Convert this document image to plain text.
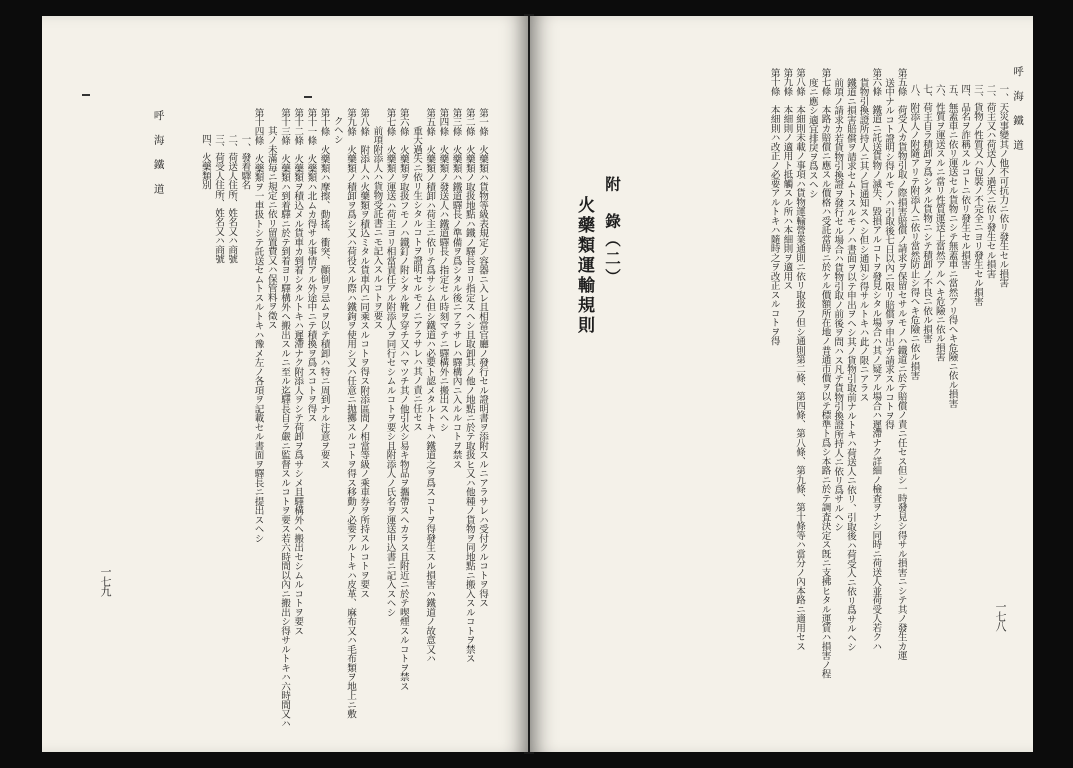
一七九	第一條　火藥類ハ貨物等級表規定ノ容器ニ入レ且相當官廳ノ發行セル證明書ヲ添附スルニアラサレハ受付クルコトヲ得ス
第二條　火藥類ノ取扱地點ハ鐵ノ驛長ヨリ指定スヘシ且取卸其ノ他ノ地點ニ於テ取扱ヒ又ハ他種ノ貨物ヲ同地點ニ搬入スルコトヲ禁ス
第三條　火藥類ハ鐵道驛長ノ準備ヲ爲シタル後ニアラサレハ驛構內ニ入ルルコトヲ禁ス
第四條　火藥類ノ發送人ハ鐵道驛長ノ指定セル時刻マテニ驛構外ニ搬出スヘシ
第五條　火藥類ノ積卸ハ荷主ニ依リテ爲サシム但シ鐵道ハ必要ト認メタルトキハ鐵道之ヲ爲スコトヲ得發生スル損害ハ鐵道ノ故意又ハ
重大過失ニ依リ生シタルコトヲ證明セルモノニアラサレハ其ノ責ニ任セス
第六條　火藥類ヲ取扱フモノハ鐵釘ノ附シタル靴ヲ穿チ又ハマツチ其ノ他引火シ易キ物品ヲ攜帶スヘカラス且附近ニ於テ喫煙スルコトヲ禁ス
第七條　火藥類ノ運送ハ荷主ヨリ相當責任アル附添人ヲ同行セシムルコトヲ要シ且附添人ノ氏名ヲ運送申込書ニ記入スヘシ
前項附添人ハ貨物受託書ニモ記入スルコトヲ要ス
第八條　附添人ハ火藥類ヲ積込ミタル貨車內ニ同乘スルコトヲ得ス附添區間ノ相當等級ノ乘車券ヲ所持スルコトヲ要ス
第九條　火藥類ノ積卸ヲ爲シ又ハ荷役スル際ハ鐵鉤ヲ使用シ又ハ任意ニ抛擲スルコトヲ得ス移動ノ必要アルトキハ皮革、麻布又ハ毛布類ヲ地上ニ敷
クヘシ
第十條　火藥類ハ摩擦、動搖、衝突、顚倒ヲ忌ムヲ以テ積卸ハ特ニ周到ナル注意ヲ要ス
第十一條　火藥類ハ北ムカ得サル事情アル外途中ニテ積換ヲ爲スコトヲ得ス
第十二條　火藥類ヲ積込メル貨車カ到着シタルトキハ遲滯ナク附添人ヲシテ荷卸ヲ爲サシメ且驛構外ヘ搬出セシムルコトヲ要ス
第十三條　火藥類ハ到着驛ニ於テ到着ヨリ驛構外ヘ搬出スルニ至ル迄驛長自ラ嚴ニ監督スルコトヲ要ス若六時間以內ニ搬出シ得サルトキハ六時間又ハ
其ノ未滿毎ニ規定ニ依リ留置費又ハ保管料ヲ徵ス
第十四條　火藥類ヲ一車扱トシテ託送セムトスルトキハ豫メ左ノ各項ヲ記載セル書面ヲ驛長ニ提出スヘシ
一、發着驛名
二、荷送人住所、姓名又ハ商號
三、荷受人住所、姓名又ハ商號
四、火藥類別
呼 海 鐵 道
一七八
呼 海 鐵 道
一、天災事變其ノ他不可抗力ニ依リ發生セル損害
二、荷主又ハ荷送人ノ過失ニ依リ發生セル損害
三、貨物ノ性質又ハ包裝ノ不完全ニヨリ發生セル損害
四、品名ヲ詐稱スルコトニ依リ發生セル損害
五、無蓋車ニ依リ運送セル貨物ニシテ無蓋車ニ當然アリ得ヘキ危險ニ依ル損害
六、性質ヲ運送スルニ當リ性質運送上當然アルヘキ危險ニ依ル損害
七、荷主自ラ積卸ヲ爲シタル貨物ニシテ積卸ノ不良ニ依ル損害
八、附添人ノ附隨アリテ附添人ニ依リ當然防止シ得ヘキ危險ニ依ル損害
第五條　荷受人カ貨物引取ノ際損害賠償ノ請求ヲ保留セサルモノハ鐵道ニ於テ賠償ノ責ニ任セス但シ一時發見シ得サル損害ニシテ其ノ發生カ運
送中ナルコト證明シ得ルモノハ引取後七日以內ニ限リ賠償ヲ申出テ請求スルコトヲ得
第六條　鐵道ニ託送貨物ノ滅失、毀損アルコトヲ發見シタル場合ハ其ノ疑アル場合ハ遲滯ナク詳細ノ檢査ヲナシ同時ニ荷送人並荷受人若クハ
貨物引換證所持人ニ其ノ旨通知スヘシ但シ通知シ得サルトキハ此ノ限ニアラス
鐵道ニ損害賠償ヲ請求セムトスルモノハ書面ヲ以テ申出ヲヘシ其ノ貨物引取前ナルトキハ荷送人ニ依リ、引取後ハ荷受人ニ依リ爲サルヘシ
前項ノ請求カ若貨物引換證ヲ發行セル場合ハ貨物引取ノ前後ヲ問ハス凡テ貨物引換證所持人ニ依リ爲サルヘシ
第七條　本路カ賠償ニ應スル價格ハ受託當時ニ於ケル價額所在地ノ普通市價ヲ以テ標準ト爲シ本路ニ於テ調査決定ス旣ニ支拂ヒタル運賃ハ損害ノ程
度ニ應シ適宜排戾ヲ爲スヘシ
第八條　本細則未載ノ事項ハ貨物運輸營業通則ニ依リ取扱フ但シ通則第二條、第四條、第八條、第九條、第十條等ハ當分ノ內本路ニ適用セス
第九條　本細則ノ適用ト抵觸スル所ハ本細則ヲ適用ス
第十條　本細則ハ改正ノ必要アルトキハ隨時之ヲ改正スルコトヲ得
附　錄（二）
火藥類運輸規則
